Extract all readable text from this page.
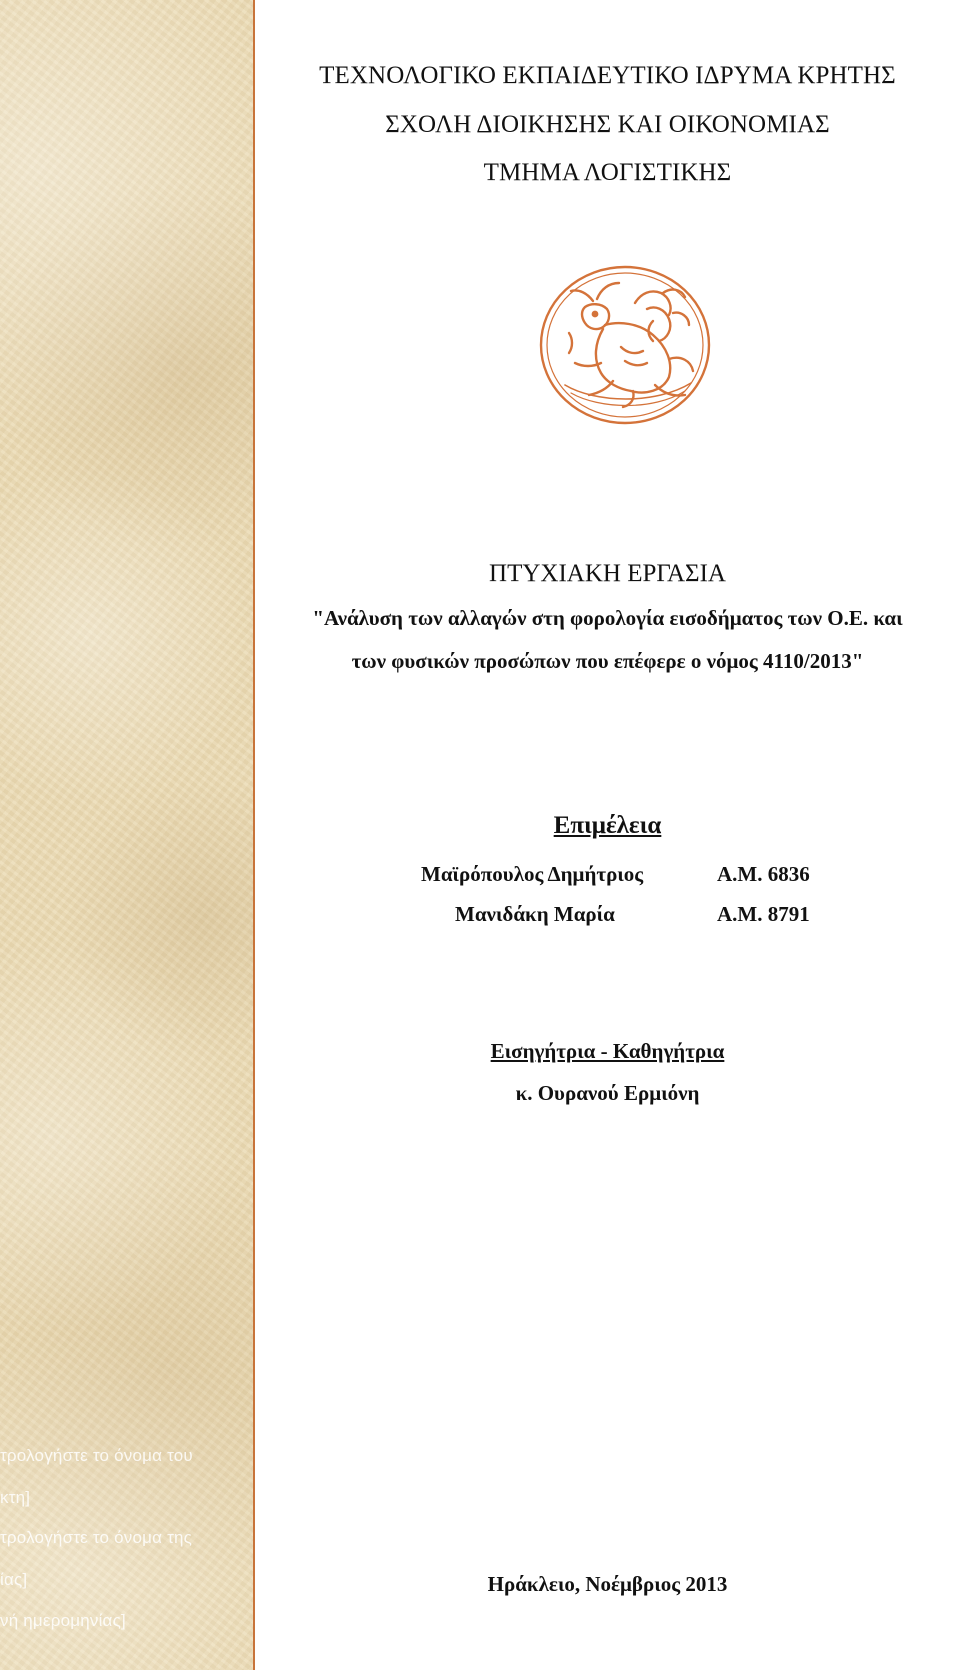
τρολογήστε το όνομα του
κτη]
τρολογήστε το όνομα της
ίας]
νή ημερομηνίας]
ΤΕΧΝΟΛΟΓΙΚΟ ΕΚΠΑΙΔΕΥΤΙΚΟ ΙΔΡΥΜΑ ΚΡΗΤΗΣ
ΣΧΟΛΗ ΔΙΟΙΚΗΣΗΣ ΚΑΙ ΟΙΚΟΝΟΜΙΑΣ
ΤΜΗΜΑ ΛΟΓΙΣΤΙΚΗΣ
ΠΤΥΧΙΑΚΗ ΕΡΓΑΣΙΑ
"Ανάλυση των αλλαγών στη φορολογία εισοδήματος των Ο.Ε. και
των φυσικών προσώπων που επέφερε ο νόμος 4110/2013"
Επιμέλεια
Μαϊρόπουλος Δημήτριος	Α.Μ. 6836
Μανιδάκη Μαρία	Α.Μ. 8791
Εισηγήτρια - Καθηγήτρια
κ. Ουρανού Ερμιόνη
Ηράκλειο, Νοέμβριος 2013
